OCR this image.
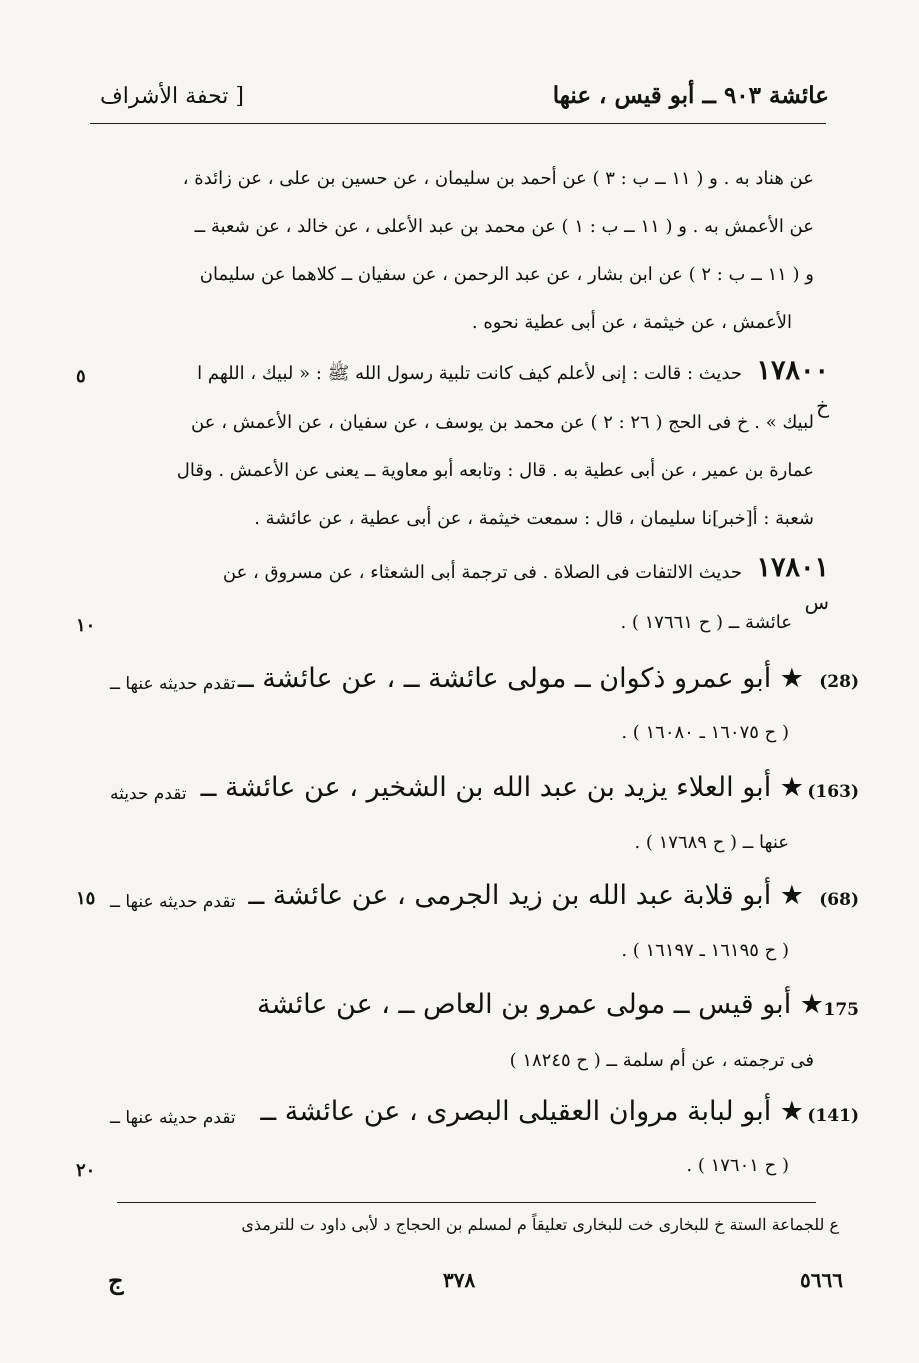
عائشة ٩٠٣ ــ أبو قيس ، عنها
[ تحفة الأشراف
عن هناد به . و ( ١١ ــ ب : ٣ ) عن أحمد بن سليمان ، عن حسين بن على ، عن زائدة ،
عن الأعمش به . و ( ١١ ــ ب : ١ ) عن محمد بن عبد الأعلى ، عن خالد ، عن شعبة ــ
و ( ١١ ــ ب : ٢ ) عن ابن بشار ، عن عبد الرحمن ، عن سفيان ــ كلاهما عن سليمان
الأعمش ، عن خيثمة ، عن أبى عطية نحوه .
١٧٨٠٠
خ
حديث : قالت : إنى لأعلم كيف كانت تلبية رسول الله ﷺ : « لبيك ، اللهم ا
لبيك » . خ فى الحج ( ٢٦ : ٢ ) عن محمد بن يوسف ، عن سفيان ، عن الأعمش ، عن
عمارة بن عمير ، عن أبى عطية به . قال : وتابعه أبو معاوية ــ يعنى عن الأعمش . وقال
شعبة : أ[خبر]نا سليمان ، قال : سمعت خيثمة ، عن أبى عطية ، عن عائشة .
١٧٨٠١
س
حديث الالتفات فى الصلاة . فى ترجمة أبى الشعثاء ، عن مسروق ، عن
عائشة ــ ( ح ١٧٦٦١ ) .
٥
١٠
١٥
٢٠
(28)
★ أبو عمرو ذكوان ــ مولى عائشة ــ ، عن عائشة ــ
تقدم حديثه عنها ــ
( ح ١٦٠٧٥ ـ ١٦٠٨٠ ) .
(163)
★ أبو العلاء يزيد بن عبد الله بن الشخير ، عن عائشة ــ
تقدم حديثه
عنها ــ ( ح ١٧٦٨٩ ) .
(68)
★ أبو قلابة عبد الله بن زيد الجرمى ، عن عائشة ــ
تقدم حديثه عنها ــ
( ح ١٦١٩٥ ـ ١٦١٩٧ ) .
175
★ أبو قيس ــ مولى عمرو بن العاص ــ ، عن عائشة
فى ترجمته ، عن أم سلمة ــ ( ح ١٨٢٤٥ )
(141)
★ أبو لبابة مروان العقيلى البصرى ، عن عائشة ــ
تقدم حديثه عنها ــ
( ح ١٧٦٠١ ) .
ع للجماعة الستة خ للبخارى خت للبخارى تعليقاً م لمسلم بن الحجاج د لأبى داود ت للترمذى
٥٦٦٦
٣٧٨
ج
